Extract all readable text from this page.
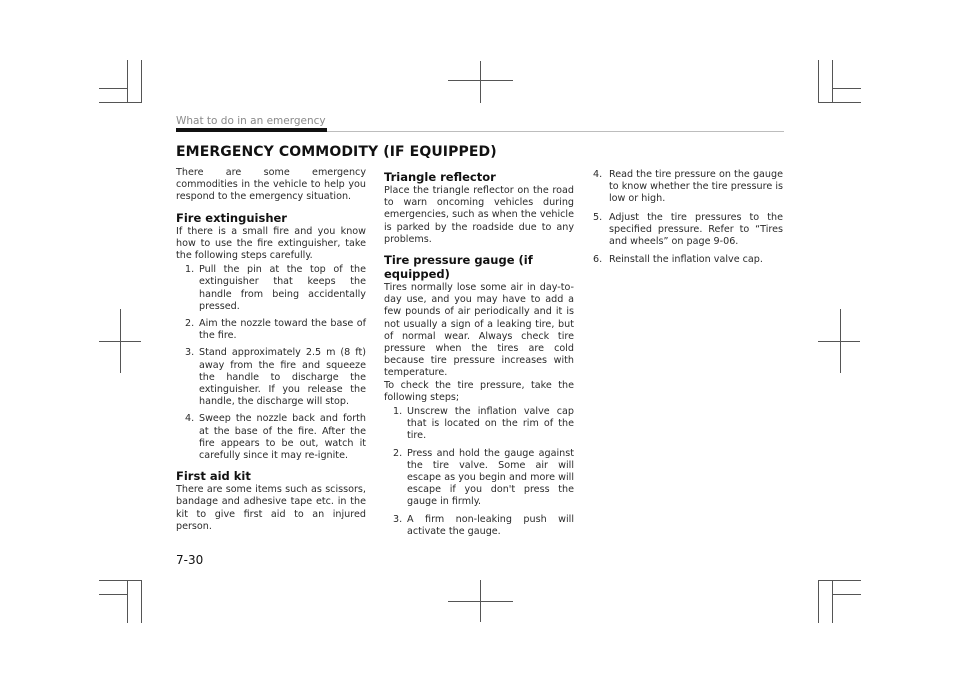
What to do in an emergency
EMERGENCY COMMODITY (IF EQUIPPED)

There are some emergency commodities in the vehicle to help you respond to the emergency situation.

Fire extinguisher

If there is a small fire and you know how to use the fire extinguisher, take the following steps carefully.

1. Pull the pin at the top of the extinguisher that keeps the handle from being accidentally pressed.
2. Aim the nozzle toward the base of the fire.
3. Stand approximately 2.5 m (8 ft) away from the fire and squeeze the handle to discharge the extinguisher. If you release the handle, the discharge will stop.
4. Sweep the nozzle back and forth at the base of the fire. After the fire appears to be out, watch it carefully since it may re-ignite.
First aid kit

There are some items such as scissors, bandage and adhesive tape etc. in the kit to give first aid to an injured person.

Triangle reflector

Place the triangle reflector on the road to warn oncoming vehicles during emergencies, such as when the vehicle is parked by the roadside due to any problems.

Tire pressure gauge (if equipped)

Tires normally lose some air in day-to-day use, and you may have to add a few pounds of air periodically and it is not usually a sign of a leaking tire, but of normal wear. Always check tire pressure when the tires are cold because tire pressure increases with temperature.

To check the tire pressure, take the following steps;

1. Unscrew the inflation valve cap that is located on the rim of the tire.
2. Press and hold the gauge against the tire valve. Some air will escape as you begin and more will escape if you don't press the gauge in firmly.
3. A firm non-leaking push will activate the gauge.
4. Read the tire pressure on the gauge to know whether the tire pressure is low or high.
5. Adjust the tire pressures to the specified pressure. Refer to “Tires and wheels” on page 9-06.
6. Reinstall the inflation valve cap.
7-30
